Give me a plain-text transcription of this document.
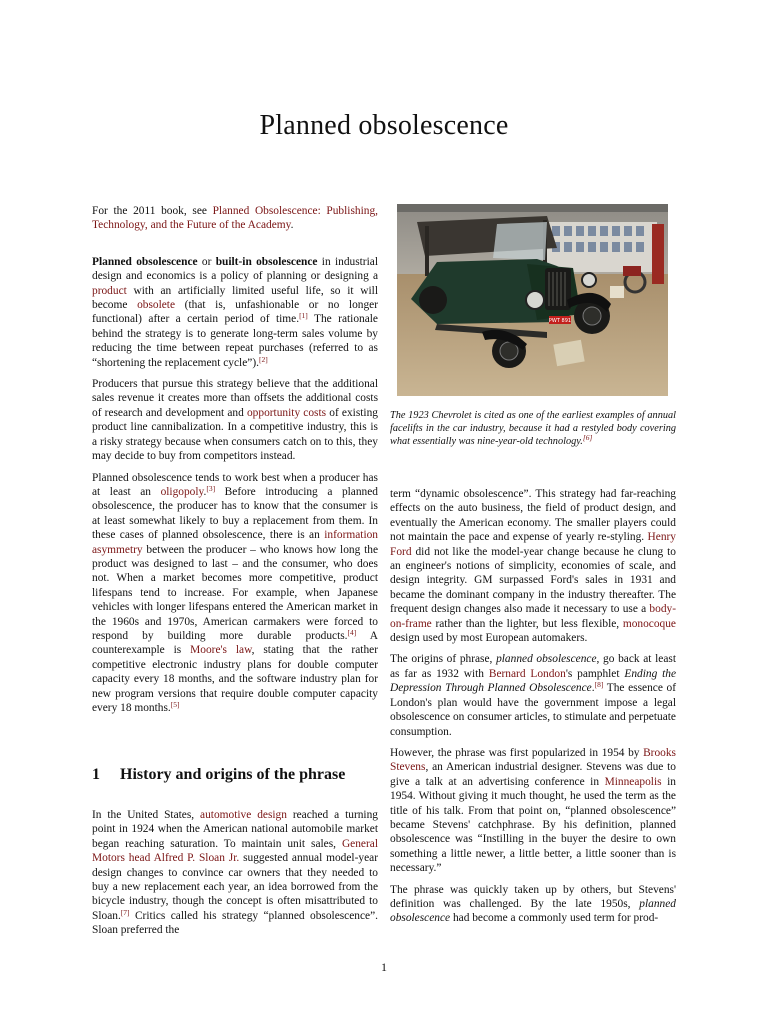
Planned obsolescence

For the 2011 book, see Planned Obsolescence: Publishing, Technology, and the Future of the Academy.

Planned obsolescence or built-in obsolescence in industrial design and economics is a policy of planning or designing a product with an artificially limited useful life, so it will become obsolete (that is, unfashionable or no longer functional) after a certain period of time.[1] The rationale behind the strategy is to generate long-term sales volume by reducing the time between repeat purchases (referred to as “shortening the replacement cycle”).[2]

Producers that pursue this strategy believe that the additional sales revenue it creates more than offsets the additional costs of research and development and opportunity costs of existing product line cannibalization. In a competitive industry, this is a risky strategy because when consumers catch on to this, they may decide to buy from competitors instead.

Planned obsolescence tends to work best when a producer has at least an oligopoly.[3] Before introducing a planned obsolescence, the producer has to know that the consumer is at least somewhat likely to buy a replacement from them. In these cases of planned obsolescence, there is an information asymmetry between the producer – who knows how long the product was designed to last – and the consumer, who does not. When a market becomes more competitive, product lifespans tend to increase. For example, when Japanese vehicles with longer lifespans entered the American market in the 1960s and 1970s, American carmakers were forced to respond by building more durable products.[4] A counterexample is Moore's law, stating that the rather competitive electronic industry plans for double computer capacity every 18 months, and the software industry plan for new program versions that require double computer capacity every 18 months.[5]

1 History and origins of the phrase

In the United States, automotive design reached a turning point in 1924 when the American national automobile market began reaching saturation. To maintain unit sales, General Motors head Alfred P. Sloan Jr. suggested annual model-year design changes to convince car owners that they needed to buy a new replacement each year, an idea borrowed from the bicycle industry, though the concept is often misattributed to Sloan.[7] Critics called his strategy “planned obsolescence”. Sloan preferred the

PWT 891
The 1923 Chevrolet is cited as one of the earliest examples of annual facelifts in the car industry, because it had a restyled body covering what essentially was nine-year-old technology.[6]

term “dynamic obsolescence”. This strategy had far-reaching effects on the auto business, the field of product design, and eventually the American economy. The smaller players could not maintain the pace and expense of yearly re-styling. Henry Ford did not like the model-year change because he clung to an engineer's notions of simplicity, economies of scale, and design integrity. GM surpassed Ford's sales in 1931 and became the dominant company in the industry thereafter. The frequent design changes also made it necessary to use a body-on-frame rather than the lighter, but less flexible, monocoque design used by most European automakers.

The origins of phrase, planned obsolescence, go back at least as far as 1932 with Bernard London's pamphlet Ending the Depression Through Planned Obsolescence.[8] The essence of London's plan would have the government impose a legal obsolescence on consumer articles, to stimulate and perpetuate consumption.

However, the phrase was first popularized in 1954 by Brooks Stevens, an American industrial designer. Stevens was due to give a talk at an advertising conference in Minneapolis in 1954. Without giving it much thought, he used the term as the title of his talk. From that point on, “planned obsolescence” became Stevens' catchphrase. By his definition, planned obsolescence was “Instilling in the buyer the desire to own something a little newer, a little better, a little sooner than is necessary.”

The phrase was quickly taken up by others, but Stevens' definition was challenged. By the late 1950s, planned obsolescence had become a commonly used term for prod-

1
